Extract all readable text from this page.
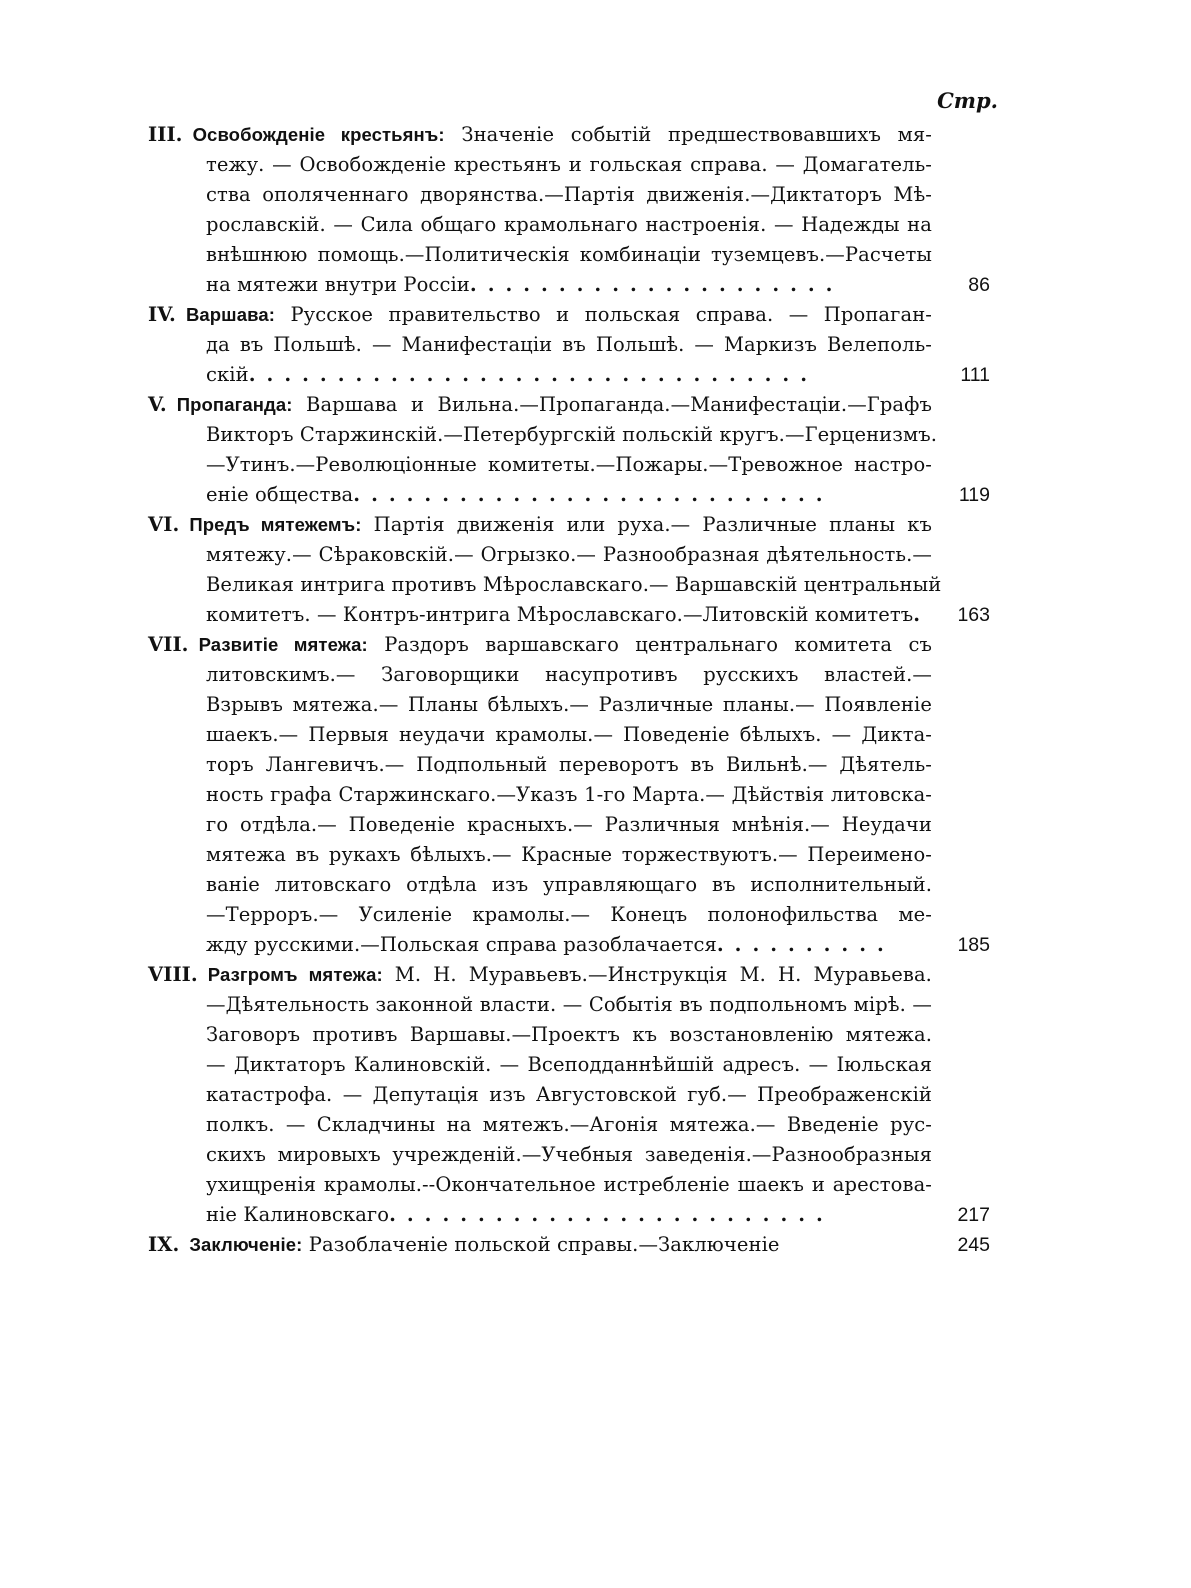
Стр.
III. Освобожденіе крестьянъ: Значеніе событій предшествовавшихъ мя-
тежу. — Освобожденіе крестьянъ и гольская справа. — Домагатель-
ства ополяченнаго дворянства.—Партія движенія.—Диктаторъ Мѣ-
рославскій. — Сила общаго крамольнаго настроенія. — Надежды на
внѣшнюю помощь.—Политическія комбинаціи туземцевъ.—Расчеты
на мятежи внутри Россіи.....................	86
IV. Варшава: Русское правительство и польская справа. — Пропаган-
да въ Польшѣ. — Манифестаціи въ Польшѣ. — Маркизъ Велеполь-
скій................................	111
V. Пропаганда: Варшава и Вильна.—Пропаганда.—Манифестаціи.—Графъ
Викторъ Старжинскій.—Петербургскій польскій кругъ.—Герценизмъ.
—Утинъ.—Революціонные комитеты.—Пожары.—Тревожное настро-
еніе общества...........................	119
VI. Предъ мятежемъ: Партія движенія или руха.— Различные планы къ
мятежу.— Сѣраковскій.— Огрызко.— Разнообразная дѣятельность.—
Великая интрига противъ Мѣрославскаго.— Варшавскій центральный
комитетъ. — Контръ-интрига Мѣрославскаго.—Литовскій комитетъ.	163
VII. Развитіе мятежа: Раздоръ варшавскаго центральнаго комитета съ
литовскимъ.— Заговорщики насупротивъ русскихъ властей.—
Взрывъ мятежа.— Планы бѣлыхъ.— Различные планы.— Появленіе
шаекъ.— Первыя неудачи крамолы.— Поведеніе бѣлыхъ. — Дикта-
торъ Лангевичъ.— Подпольный переворотъ въ Вильнѣ.— Дѣятель-
ность графа Старжинскаго.—Указъ 1-го Марта.— Дѣйствія литовска-
го отдѣла.— Поведеніе красныхъ.— Различныя мнѣнія.— Неудачи
мятежа въ рукахъ бѣлыхъ.— Красные торжествуютъ.— Переимено-
ваніе литовскаго отдѣла изъ управляющаго въ исполнительный.
—Терроръ.— Усиленіе крамолы.— Конецъ полонофильства ме-
жду русскими.—Польская справа разоблачается..........	185
VIII. Разгромъ мятежа: М. Н. Муравьевъ.—Инструкція М. Н. Муравьева.
—Дѣятельность законной власти. — Событія въ подпольномъ мірѣ. —
Заговоръ противъ Варшавы.—Проектъ къ возстановленію мятежа.
— Диктаторъ Калиновскій. — Всеподданнѣйшій адресъ. — Іюльская
катастрофа. — Депутація изъ Августовской губ.— Преображенскій
полкъ. — Складчины на мятежъ.—Агонія мятежа.— Введеніе рус-
скихъ мировыхъ учрежденій.—Учебныя заведенія.—Разнообразныя
ухищренія крамолы.--Окончательное истребленіе шаекъ и арестова-
ніе Калиновскаго.........................	217
IX. Заключеніе: Разоблаченіе польской справы.—Заключеніе	245
